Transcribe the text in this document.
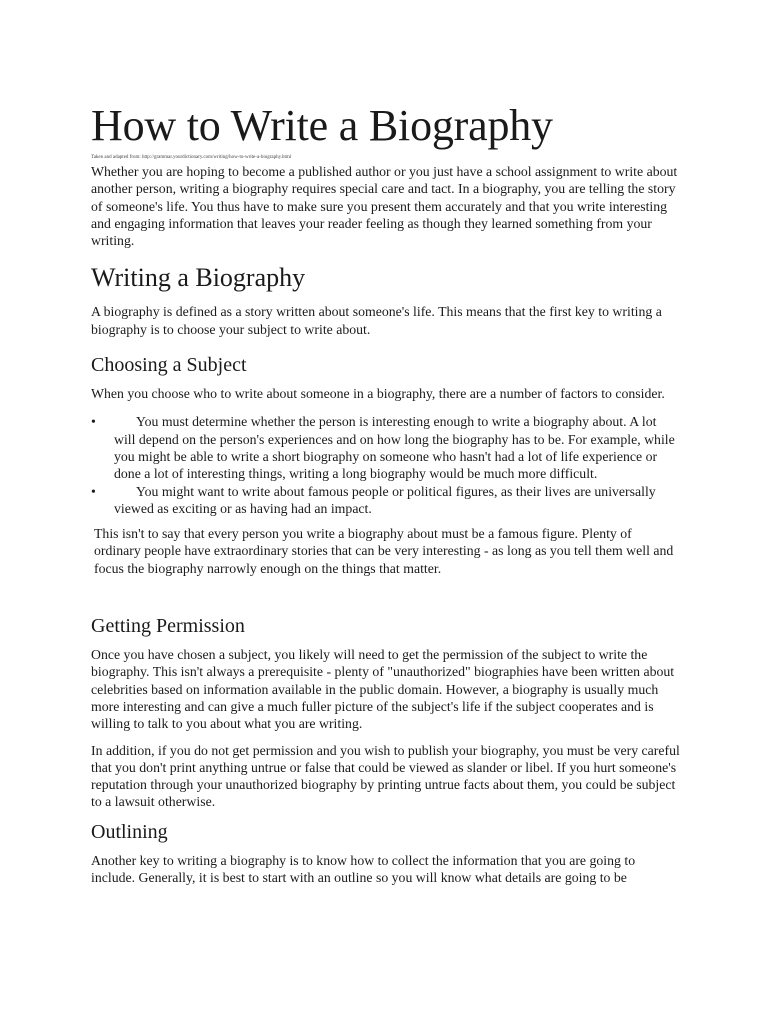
How to Write a Biography
Taken and adapted from: http://grammar.yourdictionary.com/writing/how-to-write-a-biography.html

Whether you are hoping to become a published author or you just have a school assignment to write about another person, writing a biography requires special care and tact. In a biography, you are telling the story of someone's life. You thus have to make sure you present them accurately and that you write interesting and engaging information that leaves your reader feeling as though they learned something from your writing.

Writing a Biography

A biography is defined as a story written about someone's life. This means that the first key to writing a biography is to choose your subject to write about.

Choosing a Subject

When you choose who to write about someone in a biography, there are a number of factors to consider.

•	You must determine whether the person is interesting enough to write a biography about. A lot will depend on the person's experiences and on how long the biography has to be. For example, while you might be able to write a short biography on someone who hasn't had a lot of life experience or done a lot of interesting things, writing a long biography would be much more difficult.
•	You might want to write about famous people or political figures, as their lives are universally viewed as exciting or as having had an impact.

This isn't to say that every person you write a biography about must be a famous figure. Plenty of ordinary people have extraordinary stories that can be very interesting - as long as you tell them well and focus the biography narrowly enough on the things that matter.

Getting Permission

Once you have chosen a subject, you likely will need to get the permission of the subject to write the biography. This isn't always a prerequisite - plenty of "unauthorized" biographies have been written about celebrities based on information available in the public domain. However, a biography is usually much more interesting and can give a much fuller picture of the subject's life if the subject cooperates and is willing to talk to you about what you are writing.

In addition, if you do not get permission and you wish to publish your biography, you must be very careful that you don't print anything untrue or false that could be viewed as slander or libel. If you hurt someone's reputation through your unauthorized biography by printing untrue facts about them, you could be subject to a lawsuit otherwise.

Outlining

Another key to writing a biography is to know how to collect the information that you are going to include. Generally, it is best to start with an outline so you will know what details are going to be
